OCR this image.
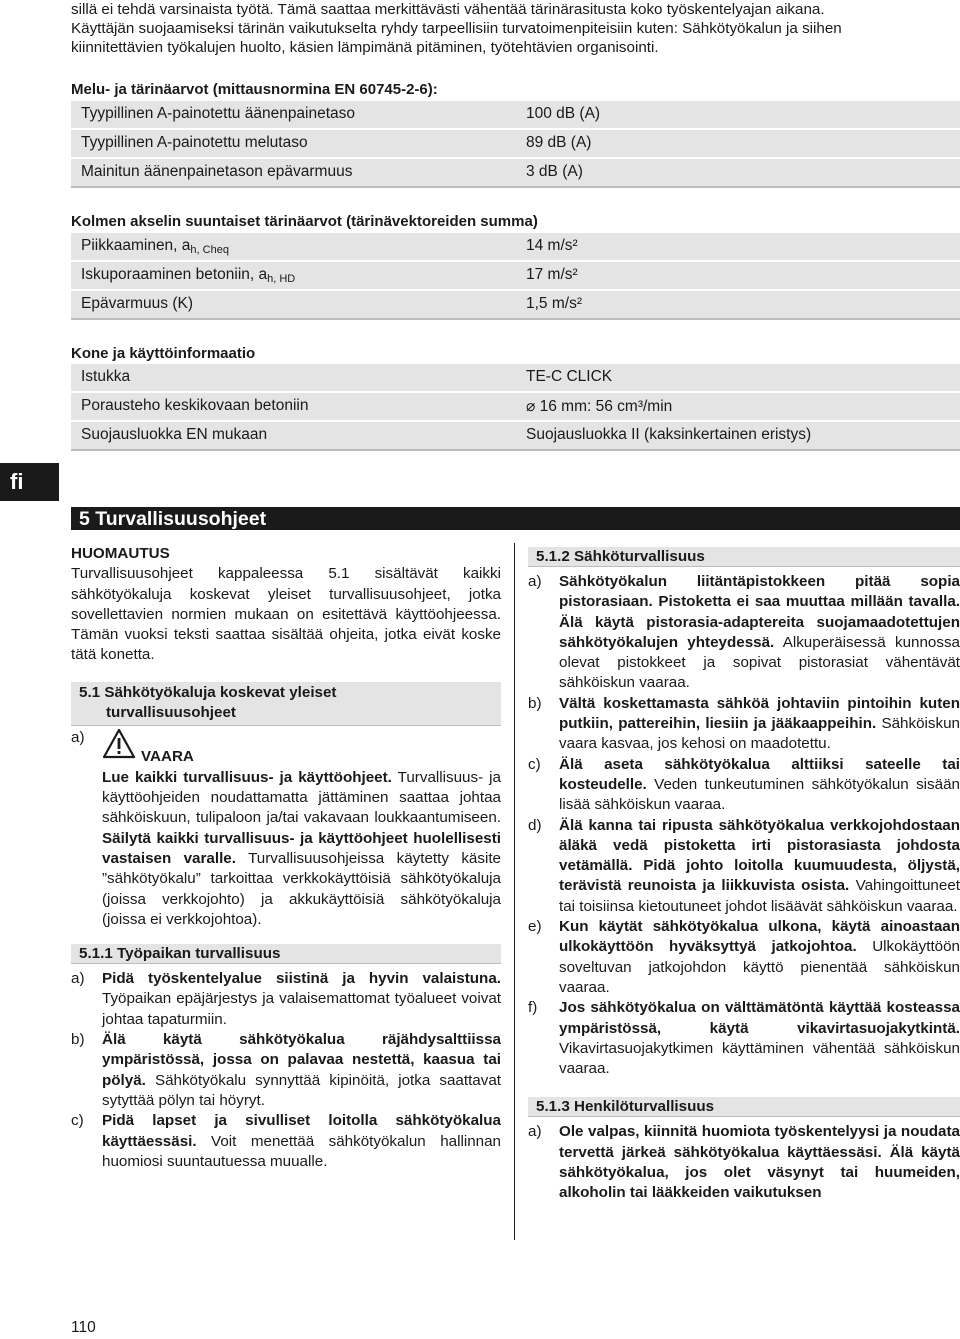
sillä ei tehdä varsinaista työtä. Tämä saattaa merkittävästi vähentää tärinärasitusta koko työskentelyajan aikana.
Käyttäjän suojaamiseksi tärinän vaikutukselta ryhdy tarpeellisiin turvatoimenpiteisiin kuten: Sähkötyökalun ja siihen
kiinnitettävien työkalujen huolto, käsien lämpimänä pitäminen, työtehtävien organisointi.
Melu- ja tärinäarvot (mittausnormina EN 60745-2-6):
Tyypillinen A-painotettu äänenpainetaso	100 dB (A)
Tyypillinen A-painotettu melutaso	89 dB (A)
Mainitun äänenpainetason epävarmuus	3 dB (A)
Kolmen akselin suuntaiset tärinäarvot (tärinävektoreiden summa)
Piikkaaminen, $a_{h, Cheq}$	14 m/s²
Iskuporaaminen betoniin, $a_{h, HD}$	17 m/s²
Epävarmuus (K)	1,5 m/s²
Kone ja käyttöinformaatio
Istukka	TE-C CLICK
Porausteho keskikovaan betoniin	⌀ 16 mm: 56 cm³/min
Suojausluokka EN mukaan	Suojausluokka II (kaksinkertainen eristys)
fi
5 Turvallisuusohjeet
HUOMAUTUS
Turvallisuusohjeet kappaleessa 5.1 sisältävät kaikki sähkötyökaluja koskevat yleiset turvallisuusohjeet, jotka sovellettavien normien mukaan on esitettävä käyttöohjeessa. Tämän vuoksi teksti saattaa sisältää ohjeita, jotka eivät koske tätä konetta.
5.1 Sähkötyökaluja koskevat yleiset
turvallisuusohjeet
a)
VAARA
Lue kaikki turvallisuus- ja käyttöohjeet. Turvallisuus- ja käyttöohjeiden noudattamatta jättäminen saattaa johtaa sähköiskuun, tulipaloon ja/tai vakavaan loukkaantumiseen. Säilytä kaikki turvallisuus- ja käyttöohjeet huolellisesti vastaisen varalle. Turvallisuusohjeissa käytetty käsite ”sähkötyökalu” tarkoittaa verkkokäyttöisiä sähkötyökaluja (joissa verkkojohto) ja akkukäyttöisiä sähkötyökaluja (joissa ei verkkojohtoa).
5.1.1 Työpaikan turvallisuus
a) Pidä työskentelyalue siistinä ja hyvin valaistuna. Työpaikan epäjärjestys ja valaisemattomat työalueet voivat johtaa tapaturmiin.
b) Älä käytä sähkötyökalua räjähdysalttiissa ympäristössä, jossa on palavaa nestettä, kaasua tai pölyä. Sähkötyökalu synnyttää kipinöitä, jotka saattavat sytyttää pölyn tai höyryt.
c) Pidä lapset ja sivulliset loitolla sähkötyökalua käyttäessäsi. Voit menettää sähkötyökalun hallinnan huomiosi suuntautuessa muualle.
5.1.2 Sähköturvallisuus
a) Sähkötyökalun liitäntäpistokkeen pitää sopia pistorasiaan. Pistoketta ei saa muuttaa millään tavalla. Älä käytä pistorasia-adaptereita suojamaadotettujen sähkötyökalujen yhteydessä. Alkuperäisessä kunnossa olevat pistokkeet ja sopivat pistorasiat vähentävät sähköiskun vaaraa.
b) Vältä koskettamasta sähköä johtaviin pintoihin kuten putkiin, pattereihin, liesiin ja jääkaappeihin. Sähköiskun vaara kasvaa, jos kehosi on maadotettu.
c) Älä aseta sähkötyökalua alttiiksi sateelle tai kosteudelle. Veden tunkeutuminen sähkötyökalun sisään lisää sähköiskun vaaraa.
d) Älä kanna tai ripusta sähkötyökalua verkkojohdostaan äläkä vedä pistoketta irti pistorasiasta johdosta vetämällä. Pidä johto loitolla kuumuudesta, öljystä, terävistä reunoista ja liikkuvista osista. Vahingoittuneet tai toisiinsa kietoutuneet johdot lisäävät sähköiskun vaaraa.
e) Kun käytät sähkötyökalua ulkona, käytä ainoastaan ulkokäyttöön hyväksyttyä jatkojohtoa. Ulkokäyttöön soveltuvan jatkojohdon käyttö pienentää sähköiskun vaaraa.
f) Jos sähkötyökalua on välttämätöntä käyttää kosteassa ympäristössä, käytä vikavirtasuojakytkintä. Vikavirtasuojakytkimen käyttäminen vähentää sähköiskun vaaraa.
5.1.3 Henkilöturvallisuus
a) Ole valpas, kiinnitä huomiota työskentelyysi ja noudata tervettä järkeä sähkötyökalua käyttäessäsi. Älä käytä sähkötyökalua, jos olet väsynyt tai huumeiden, alkoholin tai lääkkeiden vaikutuksen
110
